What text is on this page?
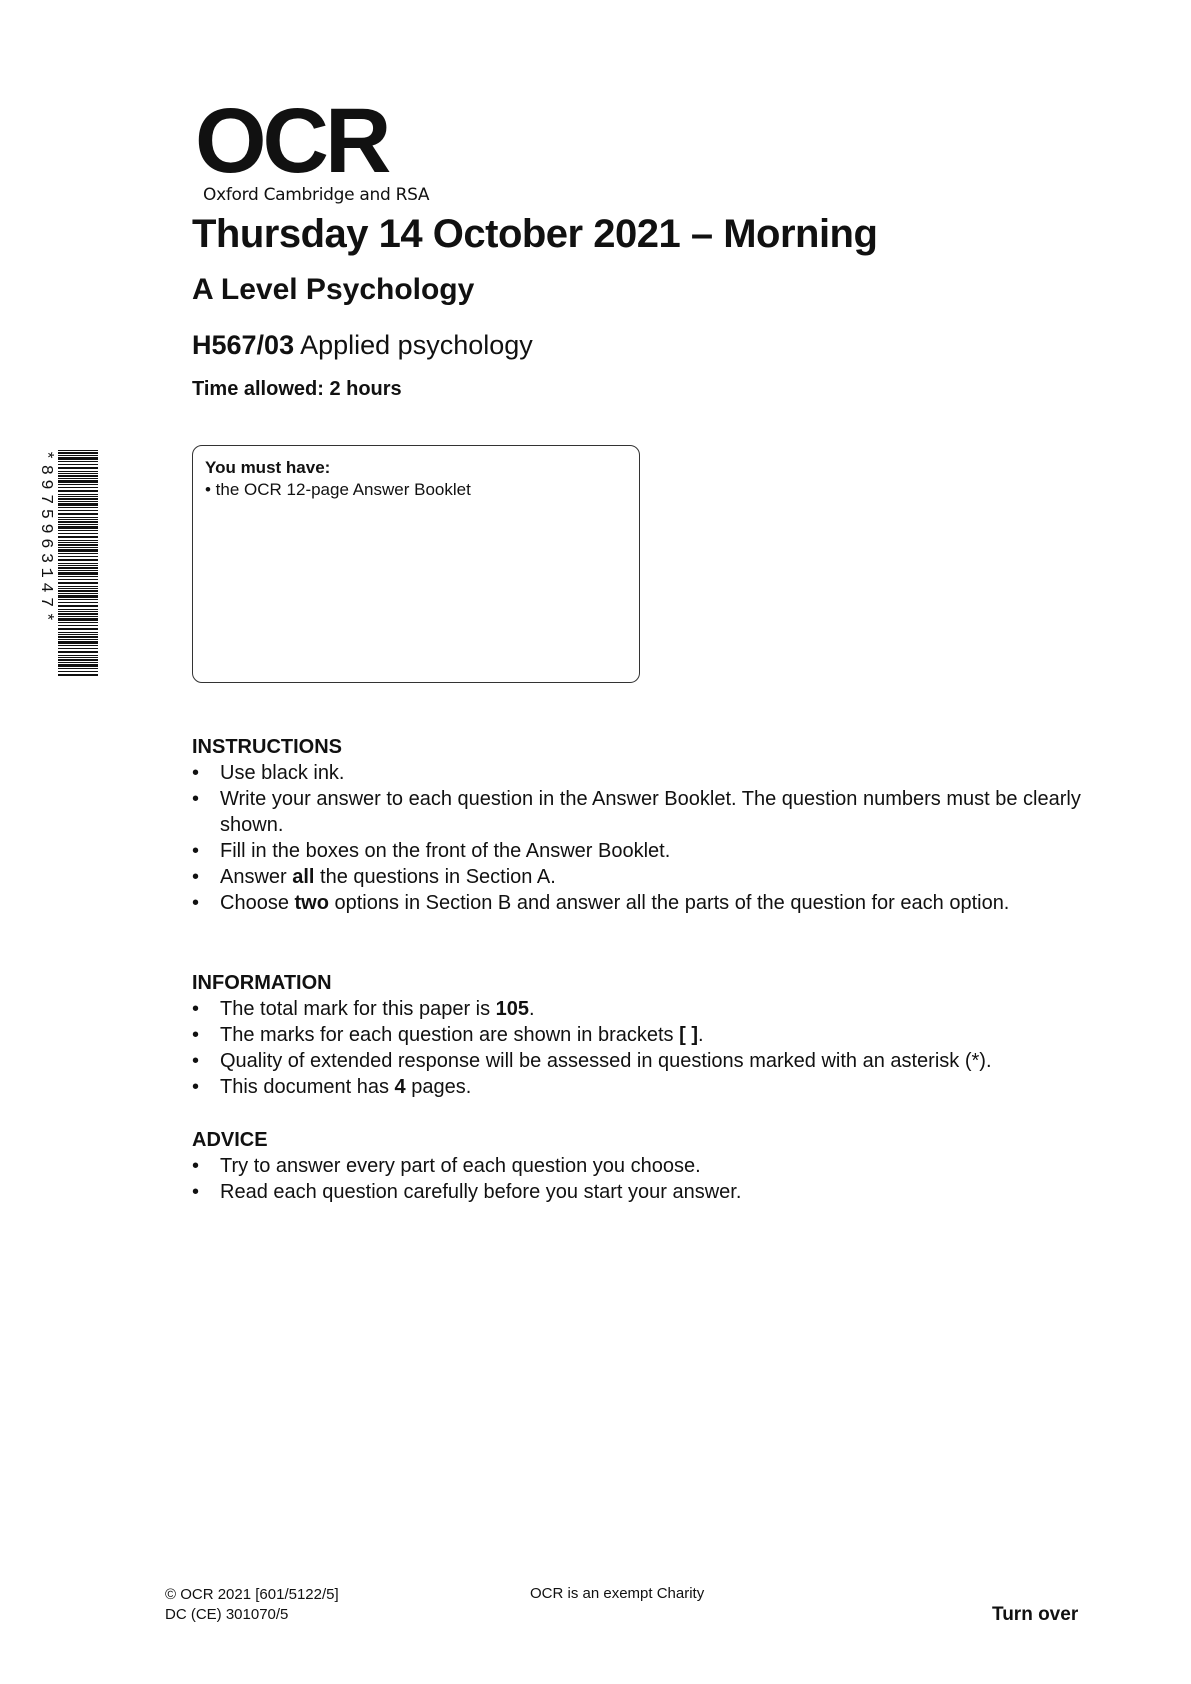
OCR
Oxford Cambridge and RSA
Thursday 14 October 2021 – Morning
A Level Psychology
H567/03 Applied psychology
Time allowed: 2 hours
*8975963147*	You must have:
• the OCR 12-page Answer Booklet
INSTRUCTIONS
• Use black ink.
• Write your answer to each question in the Answer Booklet. The question numbers must be clearly shown.
• Fill in the boxes on the front of the Answer Booklet.
• Answer all the questions in Section A.
• Choose two options in Section B and answer all the parts of the question for each option.
INFORMATION
• The total mark for this paper is 105.
• The marks for each question are shown in brackets [ ].
• Quality of extended response will be assessed in questions marked with an asterisk (*).
• This document has 4 pages.
ADVICE
• Try to answer every part of each question you choose.
• Read each question carefully before you start your answer.
© OCR 2021 [601/5122/5]
DC (CE) 301070/5
OCR is an exempt Charity
Turn over
